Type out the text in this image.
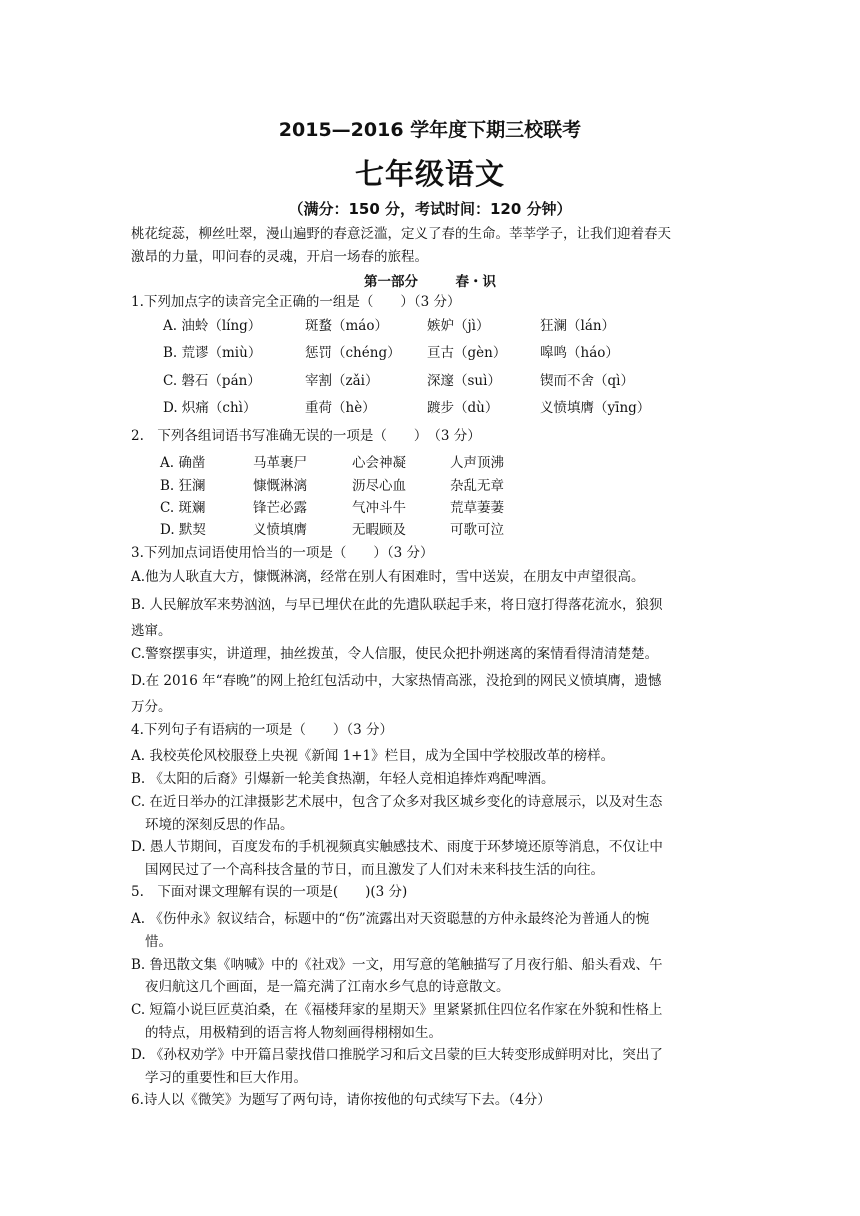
2015—2016 学年度下期三校联考
七年级语文
（满分：150 分，考试时间：120 分钟）
桃花绽蕊，柳丝吐翠，漫山遍野的春意泛滥，定义了春的生命。莘莘学子，让我们迎着春天
激昂的力量，叩问春的灵魂，开启一场春的旅程。
第一部分	春・识
1.下列加点字的读音完全正确的一组是（　　）（3 分）
A. 油蛉（líng）	斑蝥（máo）	嫉妒（jì）	狂澜（lán）
B. 荒谬（miù）	惩罚（chéng） 亘古（gèn） 嗥鸣（háo）
C. 磐石（pán）	宰割（zǎi）	深邃（suì）	锲而不舍（qì）
D. 炽痛（chì）	重荷（hè）	踱步（dù）	义愤填膺（yīng）
2.　下列各组词语书写准确无误的一项是（　　）　（3 分）
A. 确凿	马革裹尸	心会神凝	人声顶沸
B. 狂澜	慷慨淋漓	沥尽心血	杂乱无章
C. 斑斓	锋芒必露	气冲斗牛	荒草萋萋
D. 默契	义愤填膺	无暇顾及	可歌可泣
3.下列加点词语使用恰当的一项是（　　）（3 分）
A.他为人耿直大方，慷慨淋漓，经常在别人有困难时，雪中送炭，在朋友中声望很高。
B. 人民解放军来势汹汹，与早已埋伏在此的先遣队联起手来，将日寇打得落花流水，狼狈
逃窜。
C.警察摆事实，讲道理，抽丝拨茧，令人信服，使民众把扑朔迷离的案情看得清清楚楚。
D.在 2016 年“春晚”的网上抢红包活动中，大家热情高涨，没抢到的网民义愤填膺，遗憾
万分。
4.下列句子有语病的一项是（　　）（3 分）
A. 我校英伦风校服登上央视《新闻 1+1》栏目，成为全国中学校服改革的榜样。
B. 《太阳的后裔》引爆新一轮美食热潮，年轻人竞相追捧炸鸡配啤酒。
C. 在近日举办的江津摄影艺术展中，包含了众多对我区城乡变化的诗意展示，以及对生态
环境的深刻反思的作品。
D. 愚人节期间，百度发布的手机视频真实触感技术、雨度于环梦境还原等消息，不仅让中
国网民过了一个高科技含量的节日，而且激发了人们对未来科技生活的向往。
5.　下面对课文理解有误的一项是(　　)(3 分)
A. 《伤仲永》叙议结合，标题中的“伤”流露出对天资聪慧的方仲永最终沦为普通人的惋
惜。
B. 鲁迅散文集《呐喊》中的《社戏》一文，用写意的笔触描写了月夜行船、船头看戏、午
夜归航这几个画面，是一篇充满了江南水乡气息的诗意散文。
C. 短篇小说巨匠莫泊桑，在《福楼拜家的星期天》里紧紧抓住四位名作家在外貌和性格上
的特点，用极精到的语言将人物刻画得栩栩如生。
D. 《孙权劝学》中开篇吕蒙找借口推脱学习和后文吕蒙的巨大转变形成鲜明对比，突出了
学习的重要性和巨大作用。
6.诗人以《微笑》为题写了两句诗，请你按他的句式续写下去。（4分）
